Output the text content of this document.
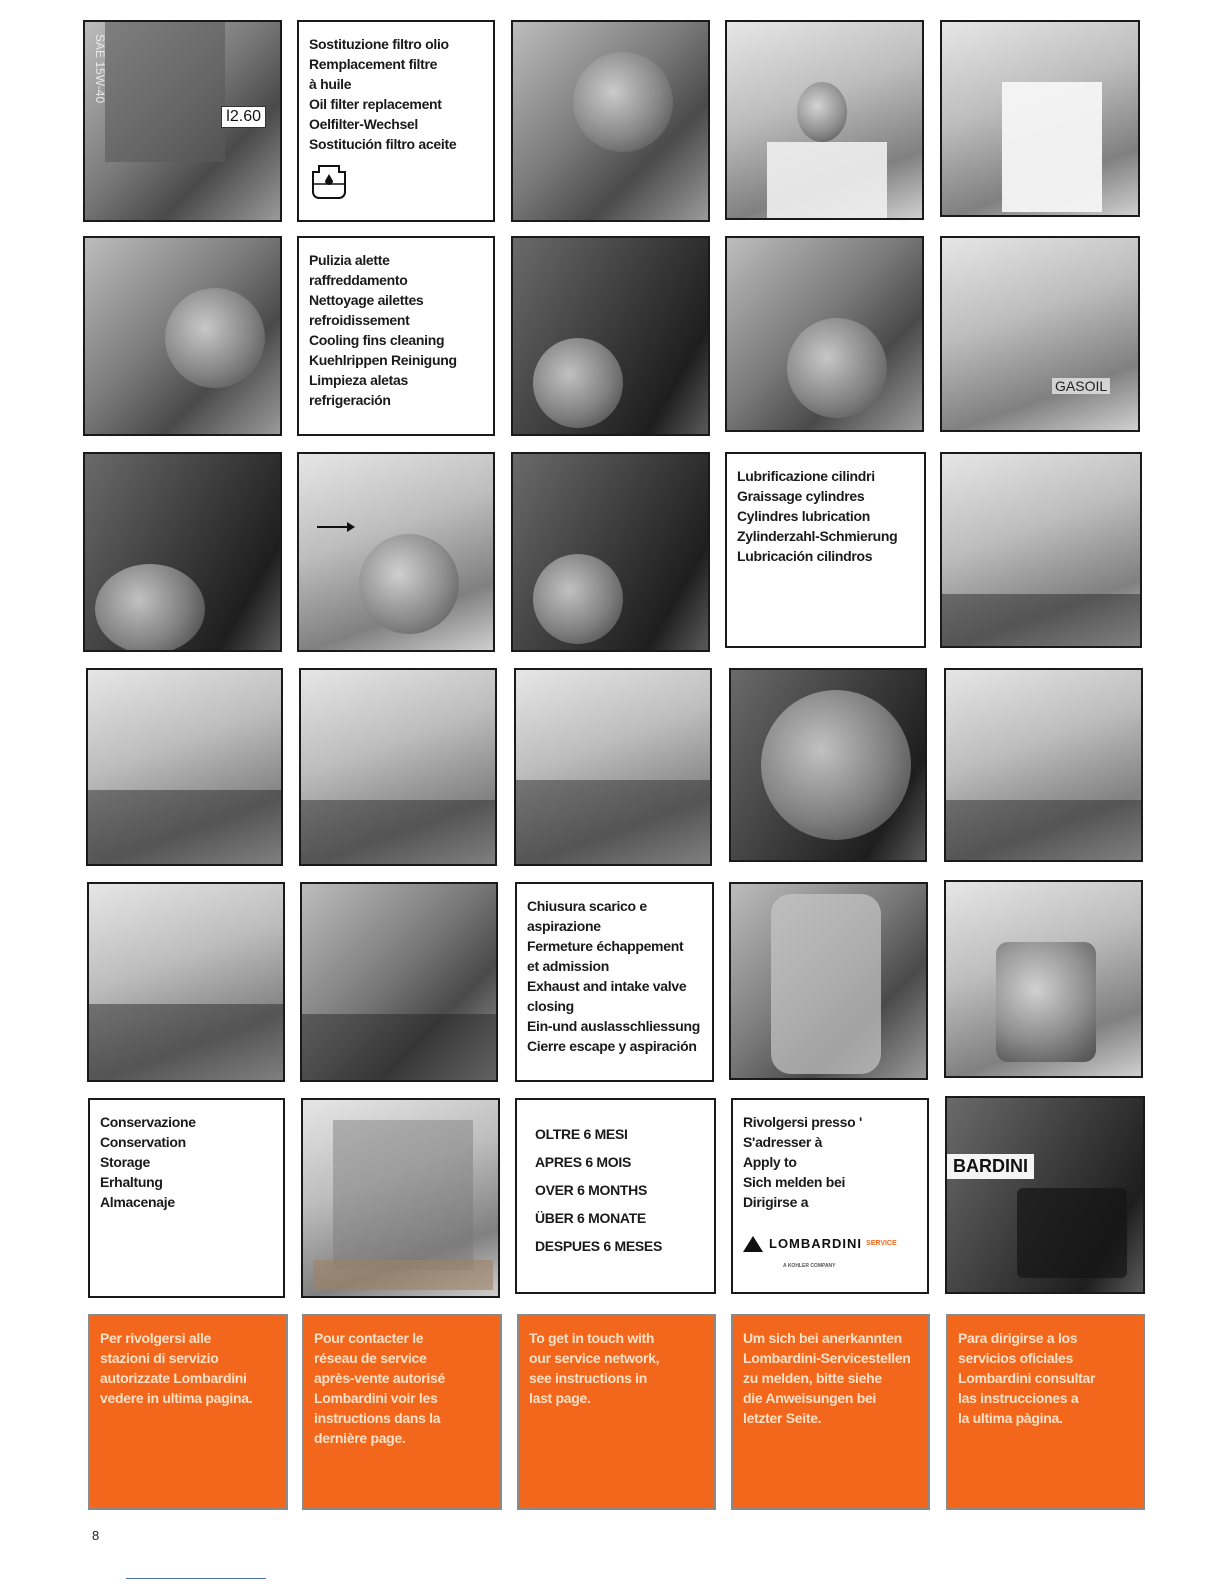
SAE 15W-40
l2.60
Sostituzione filtro olio
Remplacement filtre
à huile
Oil filter replacement
Oelfilter-Wechsel
Sostitución filtro aceite
Pulizia alette
raffreddamento
Nettoyage ailettes
refroidissement
Cooling fins cleaning
Kuehlrippen Reinigung
Limpieza aletas
refrigeración
GASOIL
Lubrificazione cilindri
Graissage cylindres
Cylindres lubrication
Zylinderzahl-Schmierung
Lubricación cilindros
Chiusura scarico e
aspirazione
Fermeture échappement
et admission
Exhaust and intake valve
closing
Ein-und auslasschliessung
Cierre escape y aspiración
Conservazione
Conservation
Storage
Erhaltung
Almacenaje
OLTRE 6 MESI
APRES 6 MOIS
OVER 6 MONTHS
ÜBER 6 MONATE
DESPUES 6 MESES
Rivolgersi presso '
S'adresser à
Apply to
Sich melden bei
Dirigirse a
LOMBARDINI SERVICE
A KOHLER COMPANY
BARDINI
Per rivolgersi alle
stazioni di servizio
autorizzate Lombardini
vedere in ultima pagina.
Pour contacter le
réseau de service
après-vente autorisé
Lombardini voir les
instructions dans la
dernière page.
To get in touch with
our service network,
see instructions in
last page.
Um sich bei anerkannten
Lombardini-Servicestellen
zu melden, bitte siehe
die Anweisungen bei
letzter Seite.
Para dirigirse a los
servicios oficiales
Lombardini consultar
las instrucciones a
la ultima pàgina.
8
